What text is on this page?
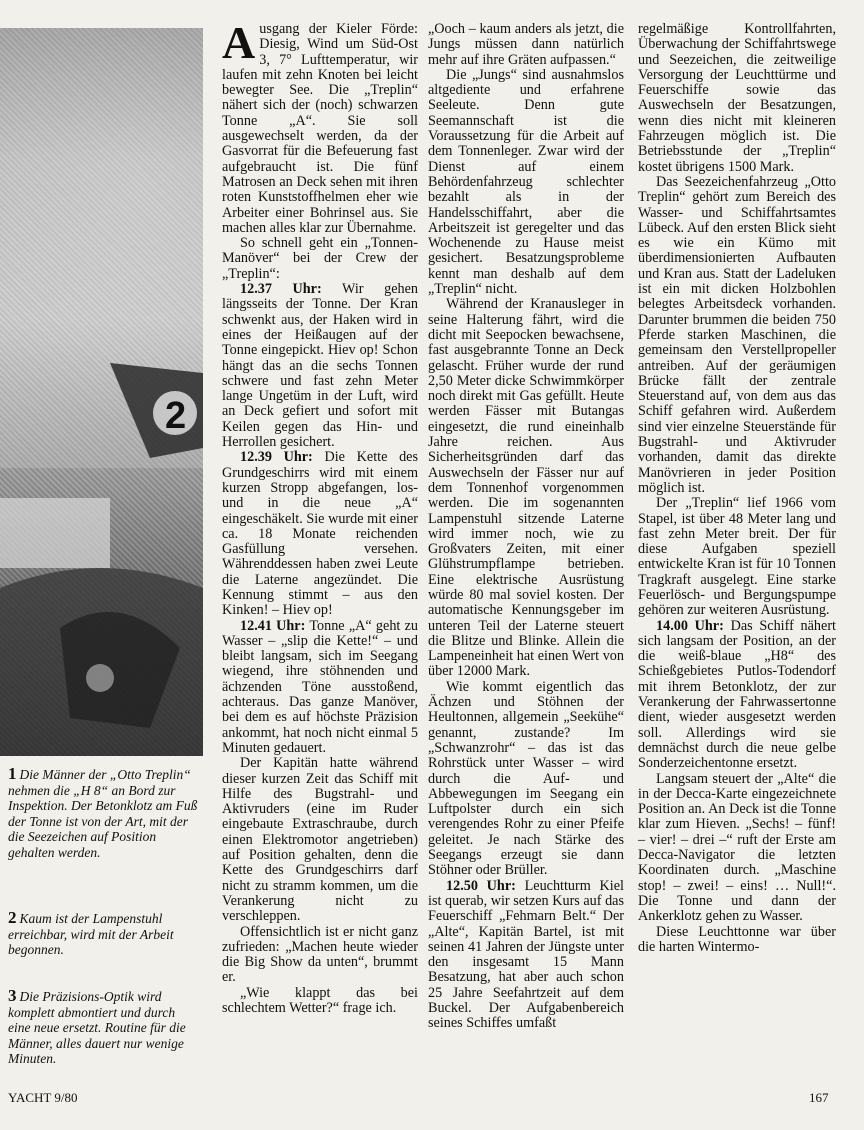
2
1 Die Männer der „Otto Treplin“ nehmen die „H 8“ an Bord zur Inspektion. Der Betonklotz am Fuß der Tonne ist von der Art, mit der die Seezeichen auf Position gehalten werden.
2 Kaum ist der Lampenstuhl erreichbar, wird mit der Arbeit begonnen.
3 Die Präzisions-Optik wird komplett abmontiert und durch eine neue ersetzt. Routine für die Männer, alles dauert nur wenige Minuten.

Ausgang der Kieler Förde: Diesig, Wind um Süd-Ost 3, 7° Lufttemperatur, wir laufen mit zehn Knoten bei leicht bewegter See. Die „Treplin“ nähert sich der (noch) schwarzen Tonne „A“. Sie soll ausgewechselt werden, da der Gasvorrat für die Befeuerung fast aufgebraucht ist. Die fünf Matrosen an Deck sehen mit ihren roten Kunststoffhelmen eher wie Arbeiter einer Bohrinsel aus. Sie machen alles klar zur Übernahme.

So schnell geht ein „Tonnen-Manöver“ bei der Crew der „Treplin“:

12.37 Uhr: Wir gehen längsseits der Tonne. Der Kran schwenkt aus, der Haken wird in eines der Heißaugen auf der Tonne eingepickt. Hiev op! Schon hängt das an die sechs Tonnen schwere und fast zehn Meter lange Ungetüm in der Luft, wird an Deck gefiert und sofort mit Keilen gegen das Hin- und Herrollen gesichert.

12.39 Uhr: Die Kette des Grundgeschirrs wird mit einem kurzen Stropp abgefangen, los- und in die neue „A“ eingeschäkelt. Sie wurde mit einer ca. 18 Monate reichenden Gasfüllung versehen. Währenddessen haben zwei Leute die Laterne angezündet. Die Kennung stimmt – aus den Kinken! – Hiev op!

12.41 Uhr: Tonne „A“ geht zu Wasser – „slip die Kette!“ – und bleibt langsam, sich im Seegang wiegend, ihre stöhnenden und ächzenden Töne ausstoßend, achteraus. Das ganze Manöver, bei dem es auf höchste Präzision ankommt, hat noch nicht einmal 5 Minuten gedauert.

Der Kapitän hatte während dieser kurzen Zeit das Schiff mit Hilfe des Bugstrahl- und Aktivruders (eine im Ruder eingebaute Extraschraube, durch einen Elektromotor angetrieben) auf Position gehalten, denn die Kette des Grundgeschirrs darf nicht zu stramm kommen, um die Verankerung nicht zu verschleppen.

Offensichtlich ist er nicht ganz zufrieden: „Machen heute wieder die Big Show da unten“, brummt er.

„Wie klappt das bei schlechtem Wetter?“ frage ich.

„Ooch – kaum anders als jetzt, die Jungs müssen dann natürlich mehr auf ihre Gräten aufpassen.“

Die „Jungs“ sind ausnahmslos altgediente und erfahrene Seeleute. Denn gute Seemannschaft ist die Voraussetzung für die Arbeit auf dem Tonnenleger. Zwar wird der Dienst auf einem Behördenfahrzeug schlechter bezahlt als in der Handelsschiffahrt, aber die Arbeitszeit ist geregelter und das Wochenende zu Hause meist gesichert. Besatzungsprobleme kennt man deshalb auf dem „Treplin“ nicht.

Während der Kranausleger in seine Halterung fährt, wird die dicht mit Seepocken bewachsene, fast ausgebrannte Tonne an Deck gelascht. Früher wurde der rund 2,50 Meter dicke Schwimmkörper noch direkt mit Gas gefüllt. Heute werden Fässer mit Butangas eingesetzt, die rund eineinhalb Jahre reichen. Aus Sicherheitsgründen darf das Auswechseln der Fässer nur auf dem Tonnenhof vorgenommen werden. Die im sogenannten Lampenstuhl sitzende Laterne wird immer noch, wie zu Großvaters Zeiten, mit einer Glühstrumpflampe betrieben. Eine elektrische Ausrüstung würde 80 mal soviel kosten. Der automatische Kennungsgeber im unteren Teil der Laterne steuert die Blitze und Blinke. Allein die Lampeneinheit hat einen Wert von über 12000 Mark.

Wie kommt eigentlich das Ächzen und Stöhnen der Heultonnen, allgemein „Seekühe“ genannt, zustande? Im „Schwanzrohr“ – das ist das Rohrstück unter Wasser – wird durch die Auf- und Abbewegungen im Seegang ein Luftpolster durch ein sich verengendes Rohr zu einer Pfeife geleitet. Je nach Stärke des Seegangs erzeugt sie dann Stöhner oder Brüller.

12.50 Uhr: Leuchtturm Kiel ist querab, wir setzen Kurs auf das Feuerschiff „Fehmarn Belt.“ Der „Alte“, Kapitän Bartel, ist mit seinen 41 Jahren der Jüngste unter den insgesamt 15 Mann Besatzung, hat aber auch schon 25 Jahre Seefahrtzeit auf dem Buckel. Der Aufgabenbereich seines Schiffes umfaßt

regelmäßige Kontrollfahrten, Überwachung der Schiffahrtswege und Seezeichen, die zeitweilige Versorgung der Leuchttürme und Feuerschiffe sowie das Auswechseln der Besatzungen, wenn dies nicht mit kleineren Fahrzeugen möglich ist. Die Betriebsstunde der „Treplin“ kostet übrigens 1500 Mark.

Das Seezeichenfahrzeug „Otto Treplin“ gehört zum Bereich des Wasser- und Schiffahrtsamtes Lübeck. Auf den ersten Blick sieht es wie ein Kümo mit überdimensionierten Aufbauten und Kran aus. Statt der Ladeluken ist ein mit dicken Holzbohlen belegtes Arbeitsdeck vorhanden. Darunter brummen die beiden 750 Pferde starken Maschinen, die gemeinsam den Verstellpropeller antreiben. Auf der geräumigen Brücke fällt der zentrale Steuerstand auf, von dem aus das Schiff gefahren wird. Außerdem sind vier einzelne Steuerstände für Bugstrahl- und Aktivruder vorhanden, damit das direkte Manövrieren in jeder Position möglich ist.

Der „Treplin“ lief 1966 vom Stapel, ist über 48 Meter lang und fast zehn Meter breit. Der für diese Aufgaben speziell entwickelte Kran ist für 10 Tonnen Tragkraft ausgelegt. Eine starke Feuerlösch- und Bergungspumpe gehören zur weiteren Ausrüstung.

14.00 Uhr: Das Schiff nähert sich langsam der Position, an der die weiß-blaue „H8“ des Schießgebietes Putlos-Todendorf mit ihrem Betonklotz, der zur Verankerung der Fahrwassertonne dient, wieder ausgesetzt werden soll. Allerdings wird sie demnächst durch die neue gelbe Sonderzeichentonne ersetzt.

Langsam steuert der „Alte“ die in der Decca-Karte eingezeichnete Position an. An Deck ist die Tonne klar zum Hieven. „Sechs! – fünf! – vier! – drei –“ ruft der Erste am Decca-Navigator die letzten Koordinaten durch. „Maschine stop! – zwei! – eins! … Null!“. Die Tonne und dann der Ankerklotz gehen zu Wasser.

Diese Leuchttonne war über die harten Wintermo-

YACHT 9/80	167
